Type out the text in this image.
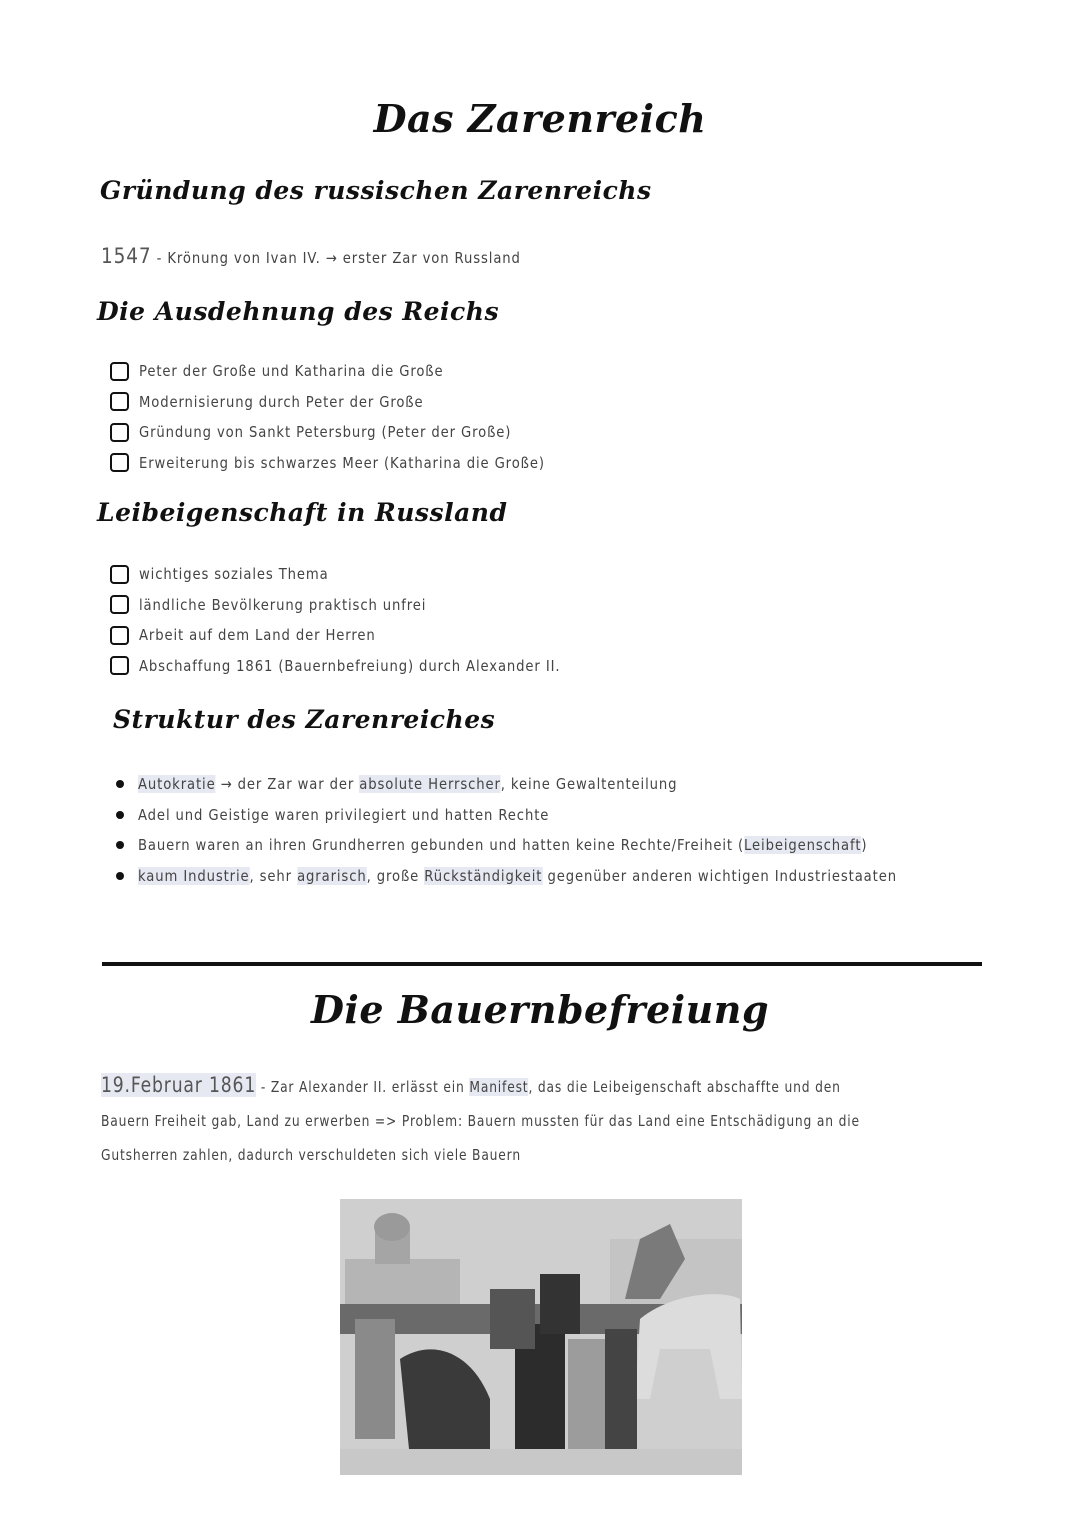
Das Zarenreich
Gründung des russischen Zarenreichs
1547 - Krönung von Ivan IV. → erster Zar von Russland
Die Ausdehnung des Reichs
Peter der Große und Katharina die Große
Modernisierung durch Peter der Große
Gründung von Sankt Petersburg (Peter der Große)
Erweiterung bis schwarzes Meer (Katharina die Große)
Leibeigenschaft in Russland
wichtiges soziales Thema
ländliche Bevölkerung praktisch unfrei
Arbeit auf dem Land der Herren
Abschaffung 1861 (Bauernbefreiung) durch Alexander II.
Struktur des Zarenreiches
Autokratie → der Zar war der absolute Herrscher, keine Gewaltenteilung
Adel und Geistige waren privilegiert und hatten Rechte
Bauern waren an ihren Grundherren gebunden und hatten keine Rechte/Freiheit (Leibeigenschaft)
kaum Industrie, sehr agrarisch, große Rückständigkeit gegenüber anderen wichtigen Industriestaaten
Die Bauernbefreiung
19.Februar 1861 - Zar Alexander II. erlässt ein Manifest, das die Leibeigenschaft abschaffte und den
Bauern Freiheit gab, Land zu erwerben => Problem: Bauern mussten für das Land eine Entschädigung an die
Gutsherren zahlen, dadurch verschuldeten sich viele Bauern
